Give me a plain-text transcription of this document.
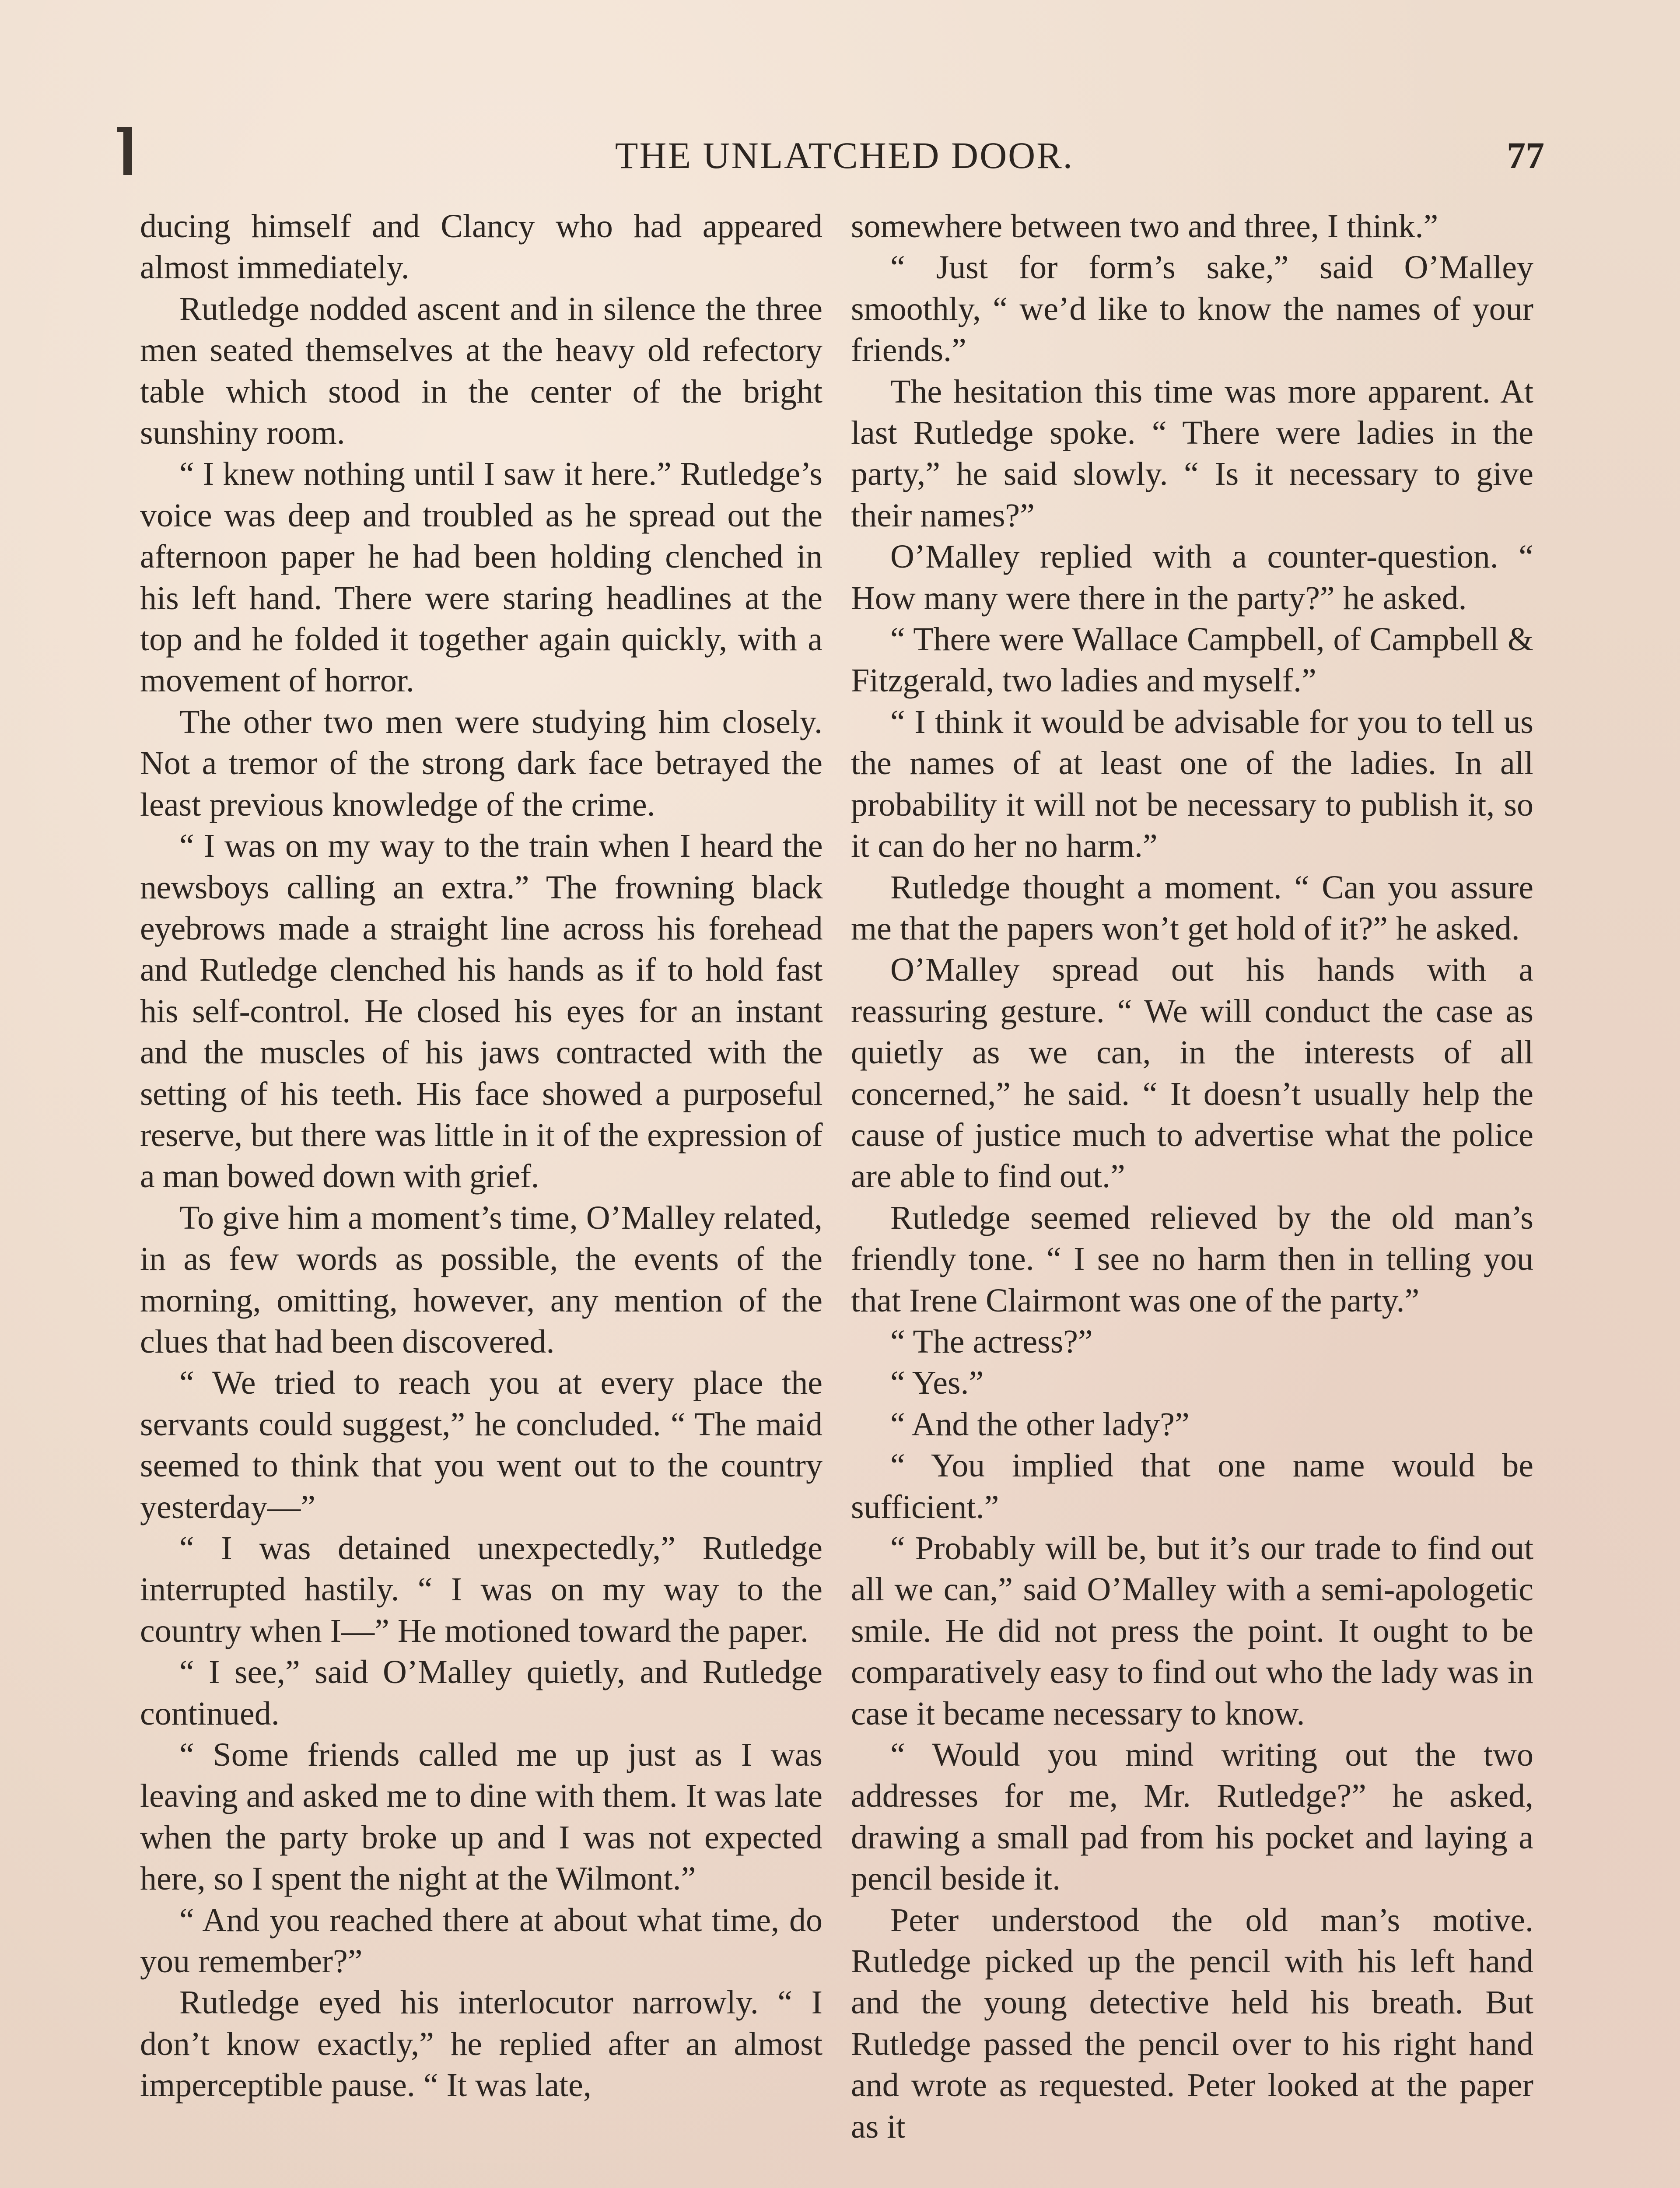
THE UNLATCHED DOOR.	77

ducing himself and Clancy who had appeared almost immediately.

Rutledge nodded ascent and in silence the three men seated themselves at the heavy old refectory table which stood in the center of the bright sunshiny room.

“ I knew nothing until I saw it here.” Rutledge’s voice was deep and troubled as he spread out the afternoon paper he had been holding clenched in his left hand. There were staring headlines at the top and he folded it together again quickly, with a movement of horror.

The other two men were studying him closely. Not a tremor of the strong dark face betrayed the least previous knowledge of the crime.

“ I was on my way to the train when I heard the newsboys calling an extra.” The frowning black eyebrows made a straight line across his forehead and Rutledge clenched his hands as if to hold fast his self-control. He closed his eyes for an instant and the muscles of his jaws contracted with the setting of his teeth. His face showed a purposeful reserve, but there was little in it of the expression of a man bowed down with grief.

To give him a moment’s time, O’Malley related, in as few words as possible, the events of the morning, omitting, however, any mention of the clues that had been discovered.

“ We tried to reach you at every place the servants could suggest,” he concluded. “ The maid seemed to think that you went out to the country yesterday—”

“ I was detained unexpectedly,” Rutledge interrupted hastily. “ I was on my way to the country when I—” He motioned toward the paper.

“ I see,” said O’Malley quietly, and Rutledge continued.

“ Some friends called me up just as I was leaving and asked me to dine with them. It was late when the party broke up and I was not expected here, so I spent the night at the Wilmont.”

“ And you reached there at about what time, do you remember?”

Rutledge eyed his interlocutor narrowly. “ I don’t know exactly,” he replied after an almost imperceptible pause. “ It was late,

somewhere between two and three, I think.”

“ Just for form’s sake,” said O’Malley smoothly, “ we’d like to know the names of your friends.”

The hesitation this time was more apparent. At last Rutledge spoke. “ There were ladies in the party,” he said slowly. “ Is it necessary to give their names?”

O’Malley replied with a counter-question. “ How many were there in the party?” he asked.

“ There were Wallace Campbell, of Campbell & Fitzgerald, two ladies and myself.”

“ I think it would be advisable for you to tell us the names of at least one of the ladies. In all probability it will not be necessary to publish it, so it can do her no harm.”

Rutledge thought a moment. “ Can you assure me that the papers won’t get hold of it?” he asked.

O’Malley spread out his hands with a reassuring gesture. “ We will conduct the case as quietly as we can, in the interests of all concerned,” he said. “ It doesn’t usually help the cause of justice much to advertise what the police are able to find out.”

Rutledge seemed relieved by the old man’s friendly tone. “ I see no harm then in telling you that Irene Clairmont was one of the party.”

“ The actress?”

“ Yes.”

“ And the other lady?”

“ You implied that one name would be sufficient.”

“ Probably will be, but it’s our trade to find out all we can,” said O’Malley with a semi-apologetic smile. He did not press the point. It ought to be comparatively easy to find out who the lady was in case it became necessary to know.

“ Would you mind writing out the two addresses for me, Mr. Rutledge?” he asked, drawing a small pad from his pocket and laying a pencil beside it.

Peter understood the old man’s motive. Rutledge picked up the pencil with his left hand and the young detective held his breath. But Rutledge passed the pencil over to his right hand and wrote as requested. Peter looked at the paper as it
